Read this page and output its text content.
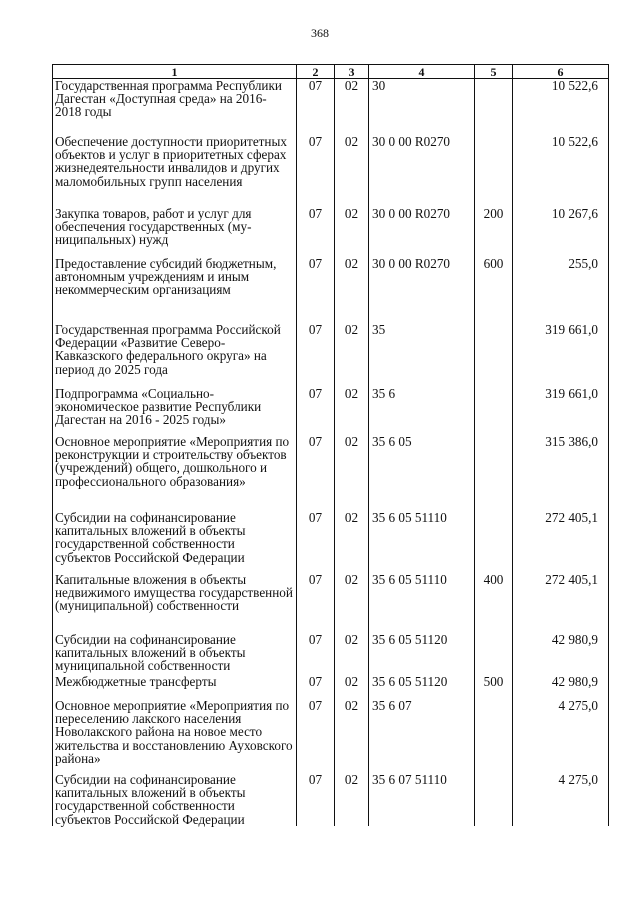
368
1	2	3	4	5	6
Государственная программа Республики Дагестан «Доступная среда» на 2016-2018 годы	07	02	30		10 522,6
Обеспечение доступности приоритетных объектов и услуг в приоритетных сферах жизнедеятельности инвалидов и других маломобильных групп населения	07	02	30 0 00 R0270		10 522,6
Закупка товаров, работ и услуг для обеспечения государственных (муниципальных) нужд	07	02	30 0 00 R0270	200	10 267,6
Предоставление субсидий бюджетным, автономным учреждениям и иным некоммерческим организациям	07	02	30 0 00 R0270	600	255,0
Государственная программа Российской Федерации «Развитие Северо-Кавказского федерального округа» на период до 2025 года	07	02	35		319 661,0
Подпрограмма «Социально-экономическое развитие Республики Дагестан на 2016 - 2025 годы»	07	02	35 6		319 661,0
Основное мероприятие «Мероприятия по реконструкции и строительству объектов (учреждений) общего, дошкольного и профессионального образования»	07	02	35 6 05		315 386,0
Субсидии на софинансирование капитальных вложений в объекты государственной собственности субъектов Российской Федерации	07	02	35 6 05 51110		272 405,1
Капитальные вложения в объекты недвижимого имущества государственной (муниципальной) собственности	07	02	35 6 05 51110	400	272 405,1
Субсидии на софинансирование капитальных вложений в объекты муниципальной собственности	07	02	35 6 05 51120		42 980,9
Межбюджетные трансферты	07	02	35 6 05 51120	500	42 980,9
Основное мероприятие «Мероприятия по переселению лакского населения Новолакского района на новое место жительства и восстановлению Ауховского района»	07	02	35 6 07		4 275,0
Субсидии на софинансирование капитальных вложений в объекты государственной собственности субъектов Российской Федерации	07	02	35 6 07 51110		4 275,0
